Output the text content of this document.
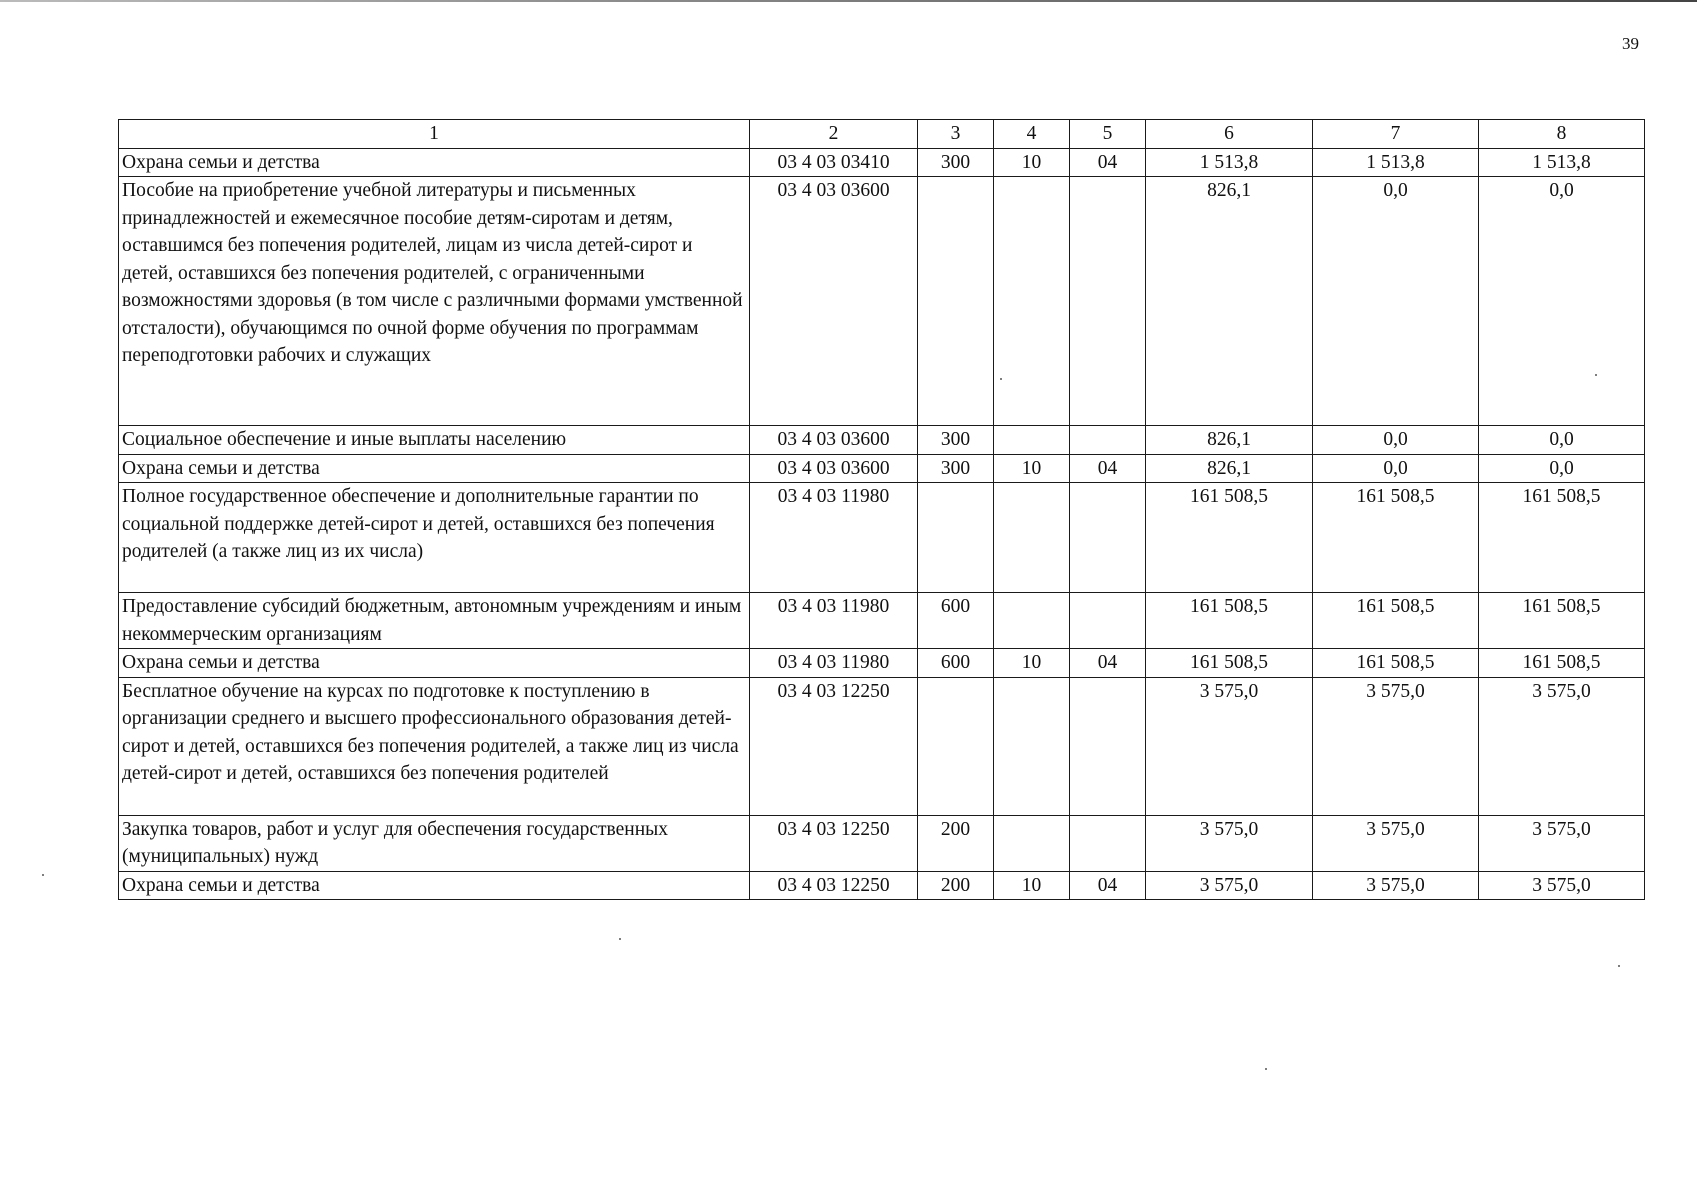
39
1	2	3	4	5	6	7	8
Охрана семьи и детства	03 4 03 03410	300	10	04	1 513,8	1 513,8	1 513,8
Пособие на приобретение учебной литературы и письменных принадлежностей и ежемесячное пособие детям-сиротам и детям, оставшимся без попечения родителей, лицам из числа детей-сирот и детей, оставшихся без попечения родителей, с ограниченными возможностями здоровья (в том числе с различными формами умственной отсталости), обучающимся по очной форме обучения по программам переподготовки рабочих и служащих	03 4 03 03600				826,1	0,0	0,0
Социальное обеспечение и иные выплаты населению	03 4 03 03600	300			826,1	0,0	0,0
Охрана семьи и детства	03 4 03 03600	300	10	04	826,1	0,0	0,0
Полное государственное обеспечение и дополнительные гарантии по социальной поддержке детей-сирот и детей, оставшихся без попечения родителей (а также лиц из их числа)	03 4 03 11980				161 508,5	161 508,5	161 508,5
Предоставление субсидий бюджетным, автономным учреждениям и иным некоммерческим организациям	03 4 03 11980	600			161 508,5	161 508,5	161 508,5
Охрана семьи и детства	03 4 03 11980	600	10	04	161 508,5	161 508,5	161 508,5
Бесплатное обучение на курсах по подготовке к поступлению в организации среднего и высшего профессионального образования детей-сирот и детей, оставшихся без попечения родителей, а также лиц из числа детей-сирот и детей, оставшихся без попечения родителей	03 4 03 12250				3 575,0	3 575,0	3 575,0
Закупка товаров, работ и услуг для обеспечения государственных (муниципальных) нужд	03 4 03 12250	200			3 575,0	3 575,0	3 575,0
Охрана семьи и детства	03 4 03 12250	200	10	04	3 575,0	3 575,0	3 575,0
